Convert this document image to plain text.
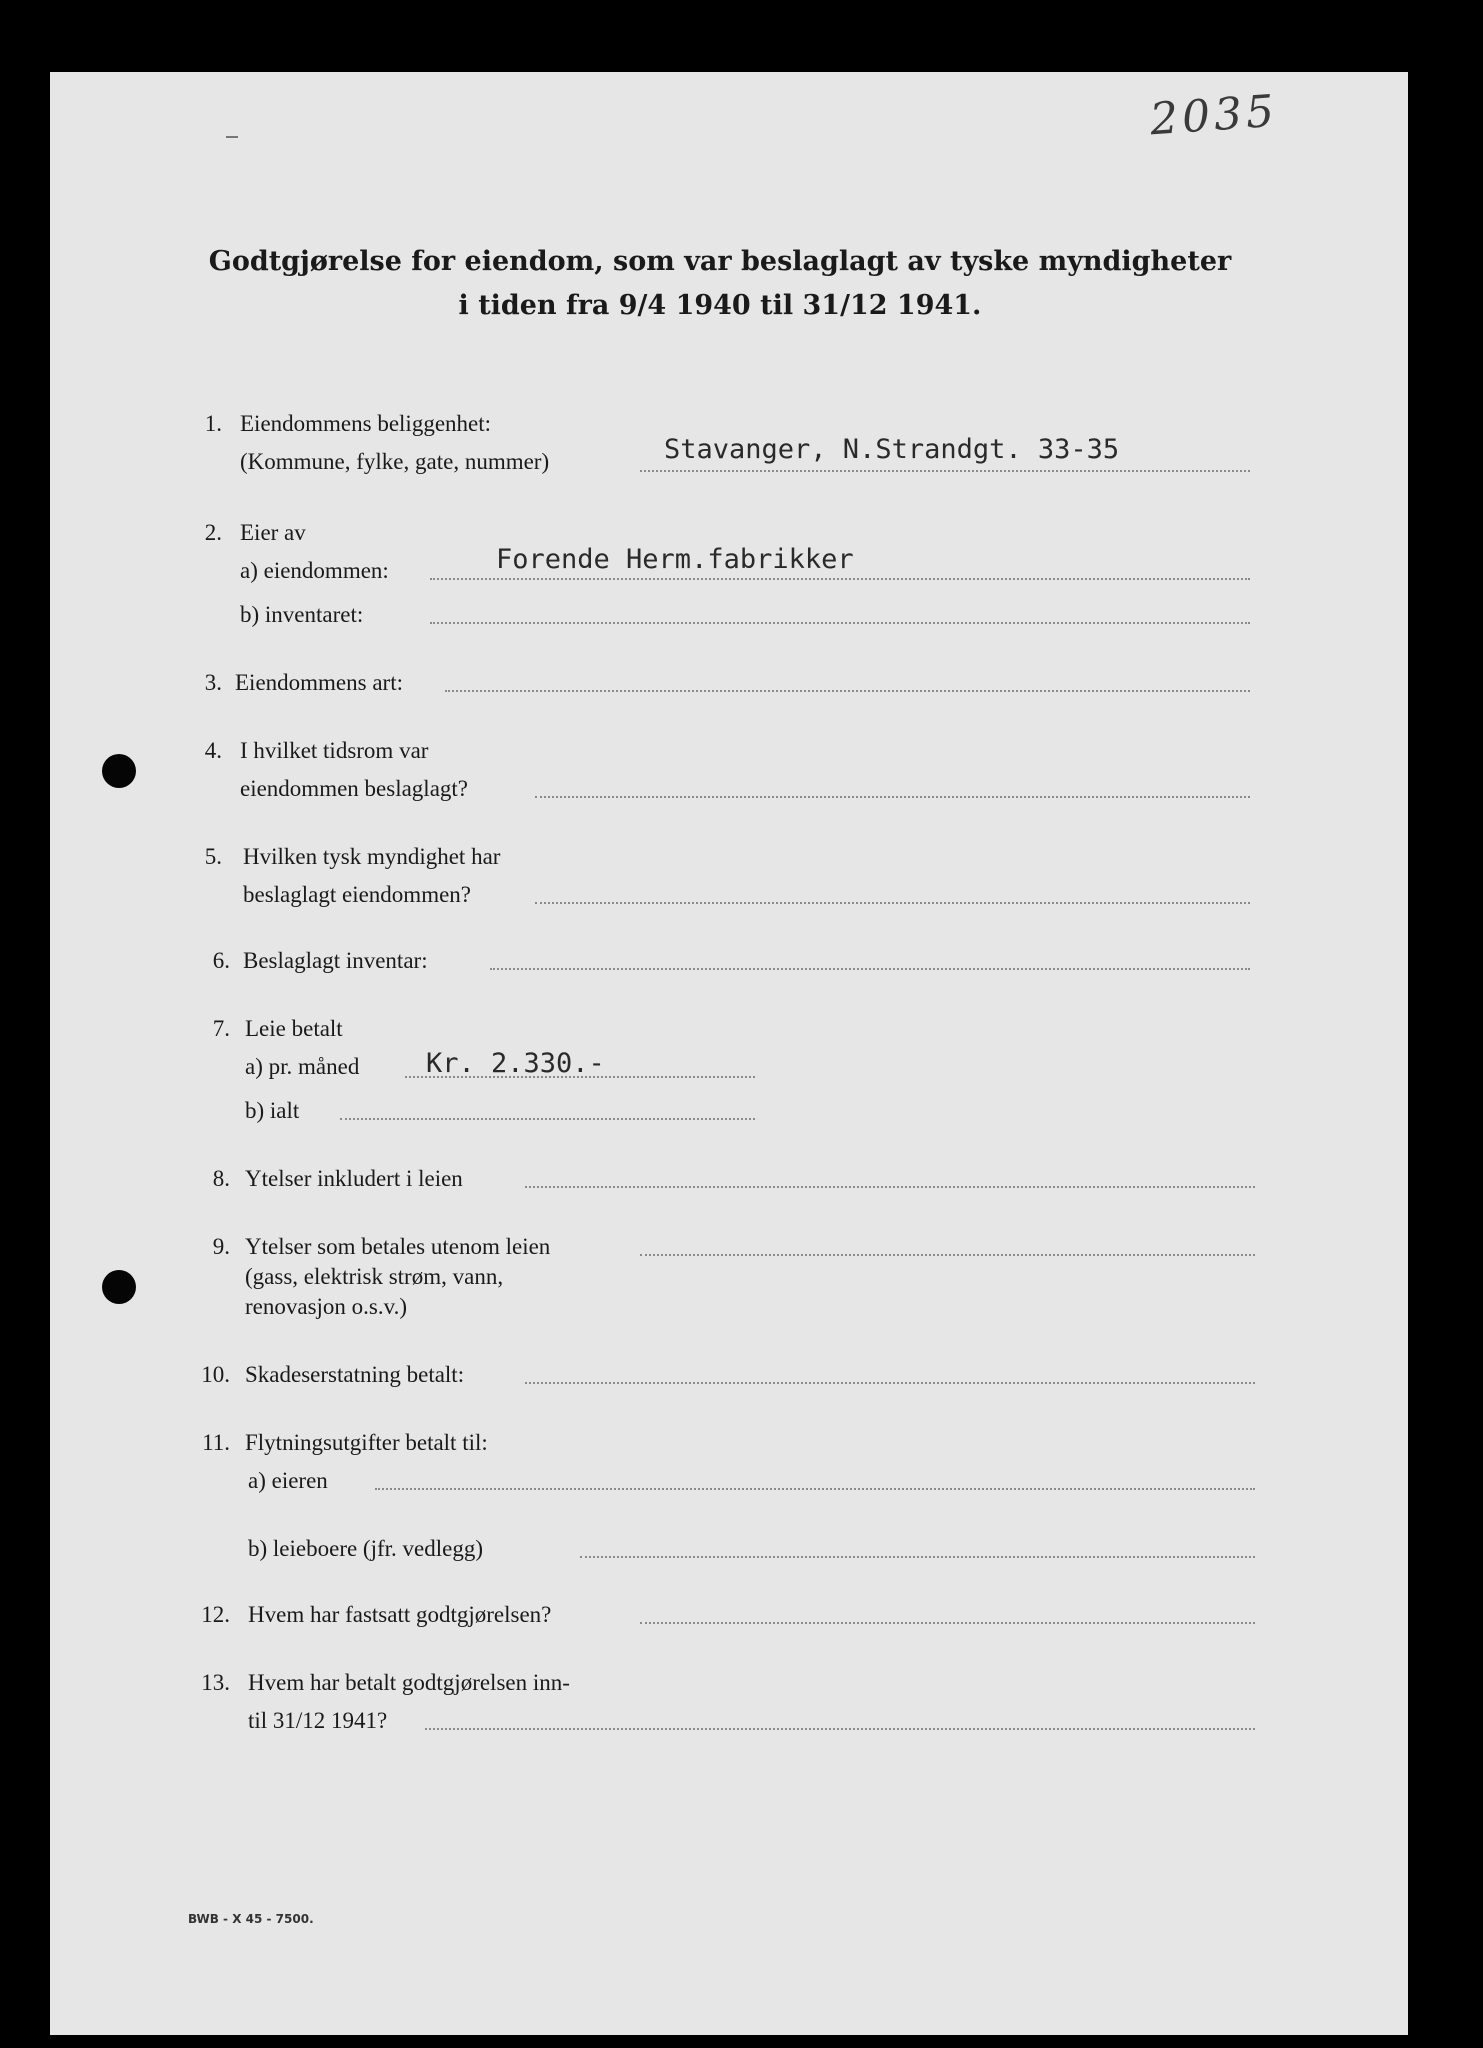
2035
Godtgjørelse for eiendom, som var beslaglagt av tyske myndigheter
i tiden fra 9/4 1940 til 31/12 1941.
1. Eiendommens beliggenhet:
(Kommune, fylke, gate, nummer)	Stavanger, N.Strandgt. 33-35
2. Eier av
a) eiendommen:	Forende Herm.fabrikker
b) inventaret:
3. Eiendommens art:
4. I hvilket tidsrom var
eiendommen beslaglagt?
5. Hvilken tysk myndighet har
beslaglagt eiendommen?
6. Beslaglagt inventar:
7. Leie betalt
a) pr. måned Kr. 2.330.-
b) ialt
8. Ytelser inkludert i leien
9. Ytelser som betales utenom leien
(gass, elektrisk strøm, vann,
renovasjon o.s.v.)
10. Skadeserstatning betalt:
11. Flytningsutgifter betalt til:
a) eieren
b) leieboere (jfr. vedlegg)
12. Hvem har fastsatt godtgjørelsen?
13. Hvem har betalt godtgjørelsen inn-
til 31/12 1941?
BWB - X 45 - 7500.
